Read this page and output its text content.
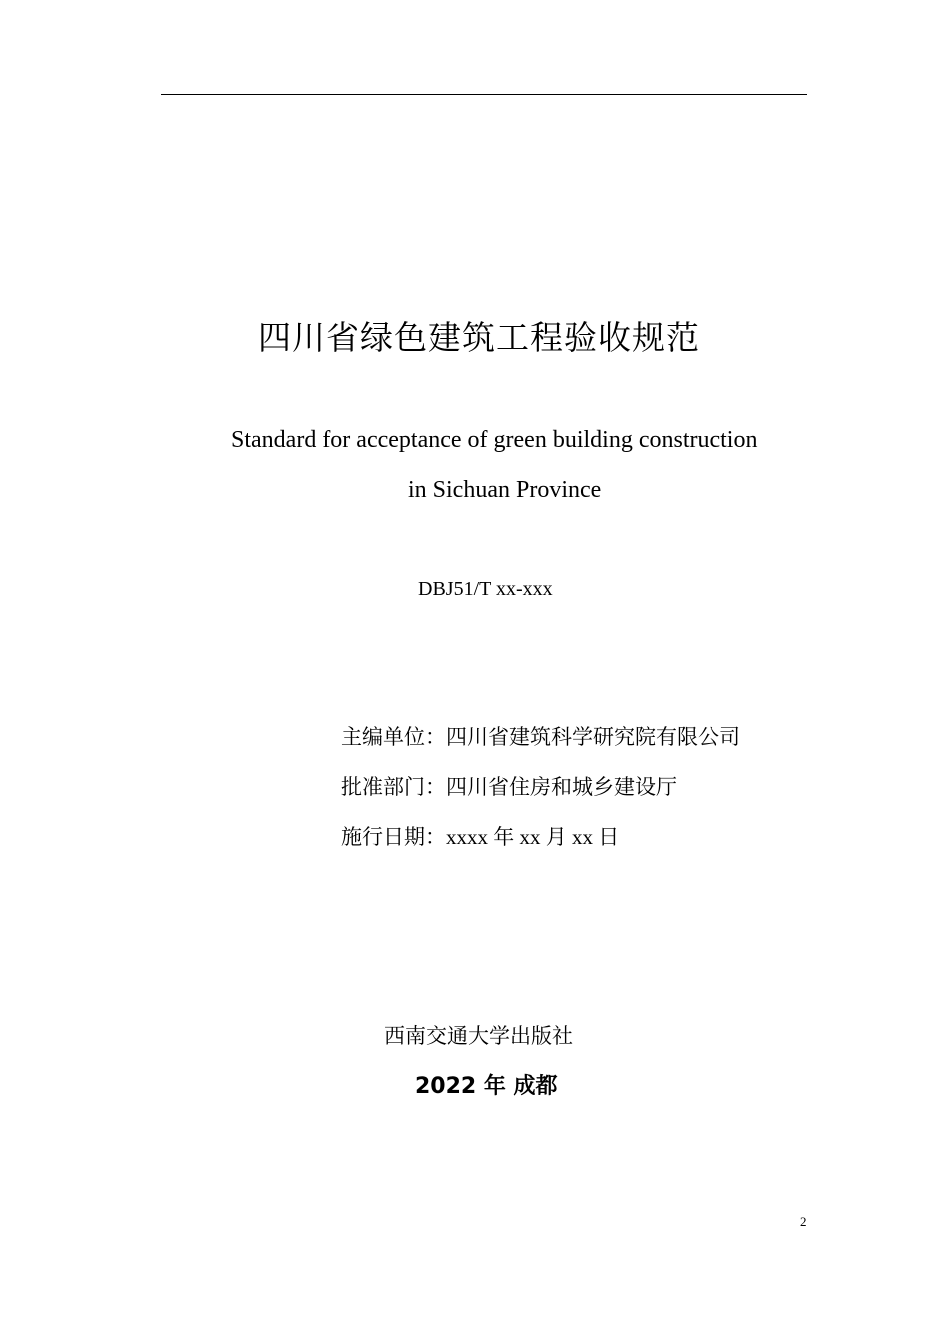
四川省绿色建筑工程验收规范
Standard for acceptance of green building construction
in Sichuan Province
DBJ51/T xx-xxx
主编单位：四川省建筑科学研究院有限公司
批准部门：四川省住房和城乡建设厅
施行日期：xxxx 年 xx 月 xx 日
西南交通大学出版社
2022 年 成都
2
